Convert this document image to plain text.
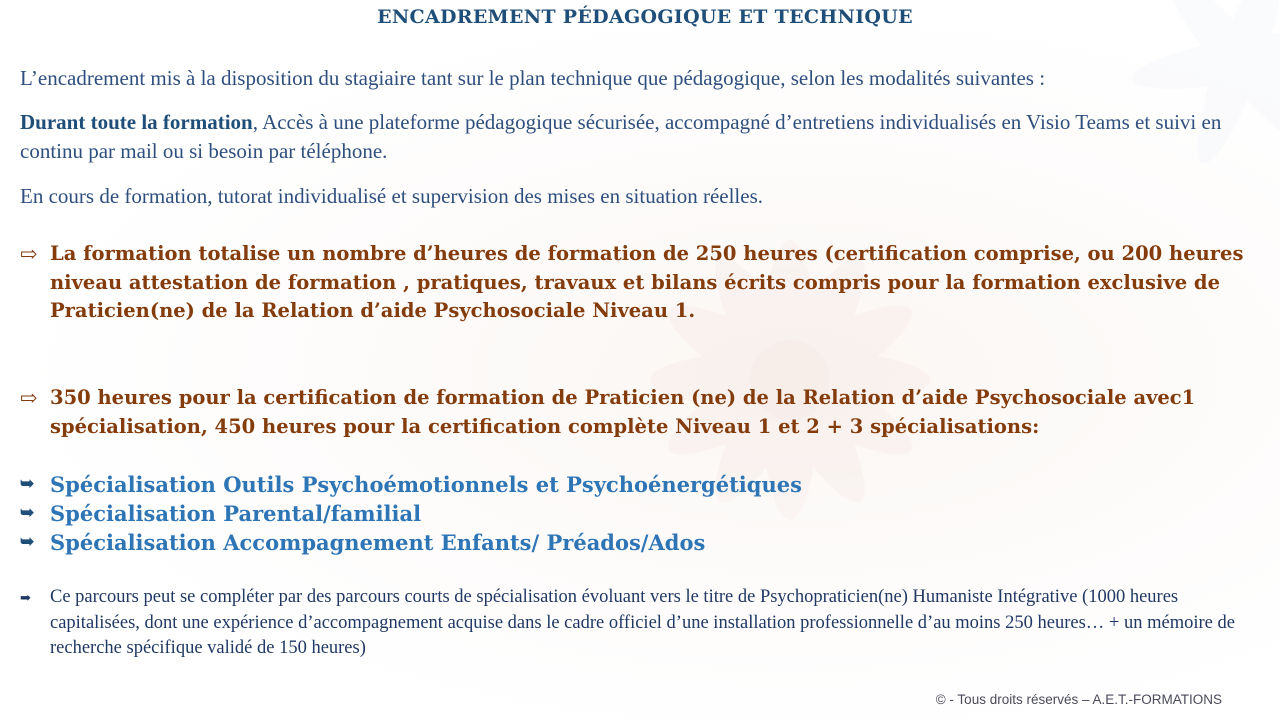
ENCADREMENT PÉDAGOGIQUE ET TECHNIQUE

L’encadrement mis à la disposition du stagiaire tant sur le plan technique que pédagogique, selon les modalités suivantes :

Durant toute la formation, Accès à une plateforme pédagogique sécurisée, accompagné d’entretiens individualisés en Visio Teams et suivi en continu par mail ou si besoin par téléphone.

En cours de formation, tutorat individualisé et supervision des mises en situation réelles.

⇨ La formation totalise un nombre d’heures de formation de 250 heures (certification comprise, ou 200 heures niveau attestation de formation , pratiques, travaux et bilans écrits compris pour la formation exclusive de Praticien(ne) de la Relation d’aide Psychosociale Niveau 1.
⇨ 350 heures pour la certification de formation de Praticien (ne) de la Relation d’aide Psychosociale avec1 spécialisation, 450 heures pour la certification complète Niveau 1 et 2 + 3 spécialisations:
➥ Spécialisation Outils Psychoémotionnels et Psychoénergétiques
➥ Spécialisation Parental/familial
➥ Spécialisation Accompagnement Enfants/ Préados/Ados
➡ Ce parcours peut se compléter par des parcours courts de spécialisation évoluant vers le titre de Psychopraticien(ne) Humaniste Intégrative (1000 heures capitalisées, dont une expérience d’accompagnement acquise dans le cadre officiel d’une installation professionnelle d’au moins 250 heures… + un mémoire de recherche spécifique validé de 150 heures)
© - Tous droits réservés – A.E.T.-FORMATIONS
